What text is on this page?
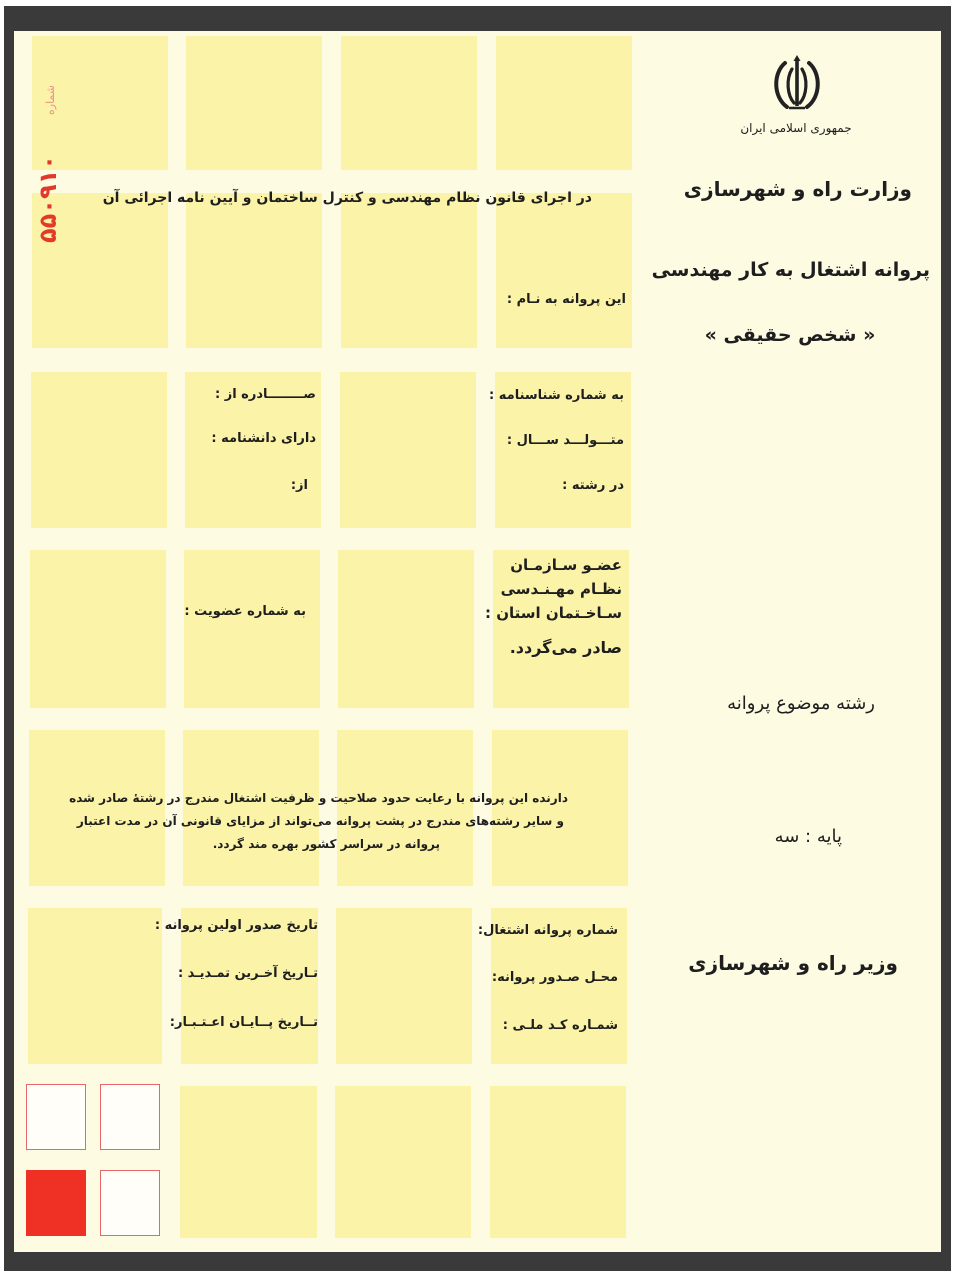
۵۵۰۹۱۰
شماره
جمهوری اسلامی ایران
وزارت راه و شهرسازی
پروانه اشتغال به کار مهندسی
« شخص حقیقی »
رشته موضوع پروانه
پایه : سه
وزیر راه و شهرسازی
در اجرای قانون نظام مهندسی و کنترل ساختمان و آیین نامه اجرائی آن
این پروانه به نـام :
به شماره شناسنامه :
متـــولـــد ســـال :
در رشته :
صــــــــادره از :
دارای دانشنامه :
از:
عضـو سـازمـان
نظـام مهـنـدسی
سـاخـتمان استان :
صادر می‌گردد.
به شماره عضویت :
دارنده این پروانه با رعایت حدود صلاحیت و ظرفیت اشتغال مندرج در رشتهٔ صادر شده
و سایر رشته‌های مندرج در پشت پروانه می‌تواند از مزایای قانونی آن در مدت اعتبار
پروانه در سراسر کشور بهره مند گردد.
تاریخ صدور اولین پروانه :
تـاریخ آخـرین تمـدیـد :
تــاریخ پــایـان اعـتـبـار:
شماره پروانه اشتغال:
محـل صـدور پروانه:
شمـاره کـد ملـی :
